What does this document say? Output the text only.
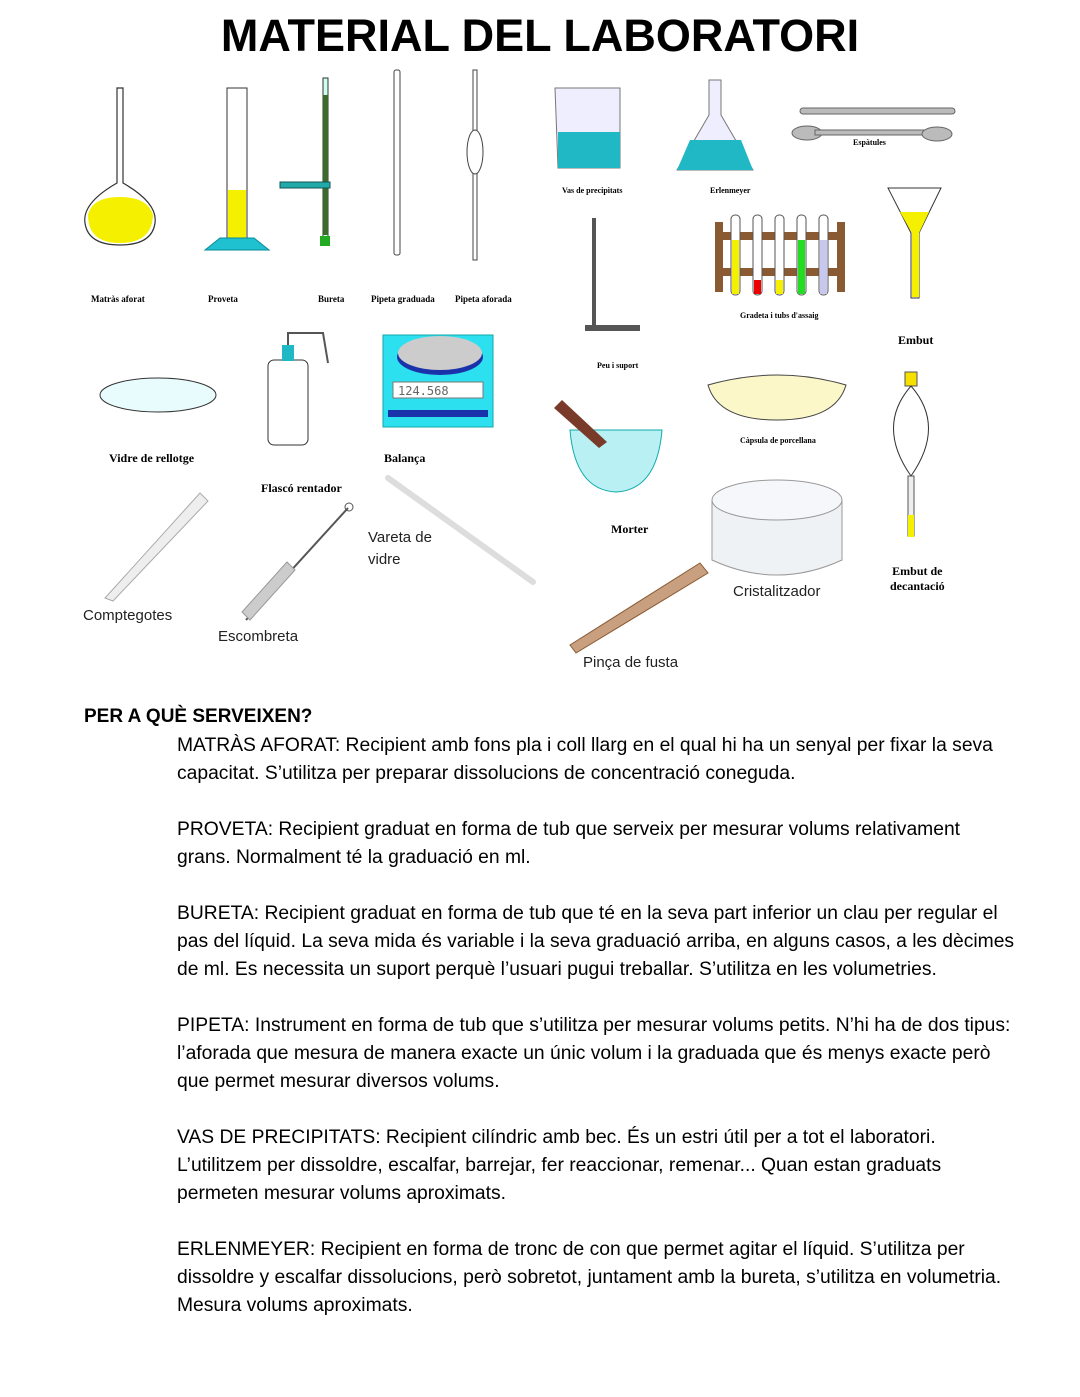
MATERIAL DEL LABORATORI
124.568
Matràs aforat	Proveta	Bureta	Pipeta graduada Pipeta aforada
Vas de precipitats	Erlenmeyer
Espàtules
Gradeta i tubs d'assaig
Peu i suport
Embut
Vidre de rellotge
Flascó rentador
Balança
Càpsula de porcellana
Morter
Embut de
decantació
Comptegotes
Escombreta
Vareta de
vidre
Cristalitzador
Pinça de fusta
PER A QUÈ SERVEIXEN?

MATRÀS AFORAT: Recipient amb fons pla i coll llarg en el qual hi ha un senyal per fixar la seva capacitat. S’utilitza per preparar dissolucions de concentració coneguda.

PROVETA: Recipient graduat en forma de tub que serveix per mesurar volums relativament grans. Normalment té la graduació en ml.

BURETA: Recipient graduat en forma de tub que té en la seva part inferior un clau per regular el pas del líquid. La seva mida és variable i la seva graduació arriba, en alguns casos, a les dècimes de ml. Es necessita un suport perquè l’usuari pugui treballar. S’utilitza en les volumetries.

PIPETA: Instrument en forma de tub que s’utilitza per mesurar volums petits. N’hi ha de dos tipus: l’aforada que mesura de manera exacte un únic volum i la graduada que és menys exacte però que permet mesurar diversos volums.

VAS DE PRECIPITATS: Recipient cilíndric amb bec. És un estri útil per a tot el laboratori. L’utilitzem per dissoldre, escalfar, barrejar, fer reaccionar, remenar... Quan estan graduats permeten mesurar volums aproximats.

ERLENMEYER: Recipient en forma de tronc de con que permet agitar el líquid. S’utilitza per dissoldre y escalfar dissolucions, però sobretot, juntament amb la bureta, s’utilitza en volumetria. Mesura volums aproximats.
